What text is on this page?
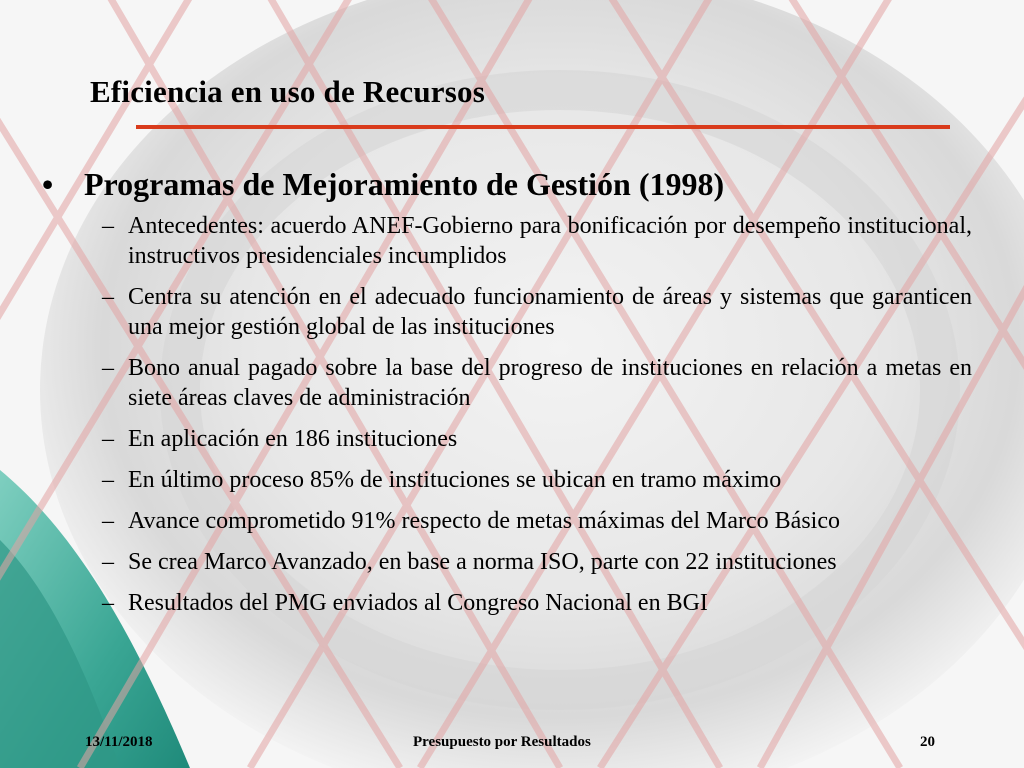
Eficiencia en uso de Recursos
• Programas de Mejoramiento de Gestión (1998)
– Antecedentes: acuerdo ANEF-Gobierno para bonificación por desempeño institucional, instructivos presidenciales incumplidos
– Centra su atención en el adecuado funcionamiento de áreas y sistemas que garanticen una mejor gestión global de las instituciones
– Bono anual pagado sobre la base del progreso de instituciones en relación a metas en siete áreas claves de administración
– En aplicación en 186 instituciones
– En último proceso 85% de instituciones se ubican en tramo máximo
– Avance comprometido 91% respecto de metas máximas del Marco Básico
– Se crea Marco Avanzado, en base a norma ISO, parte con 22 instituciones
– Resultados del PMG enviados al Congreso Nacional en BGI
13/11/2018	Presupuesto por Resultados	20
